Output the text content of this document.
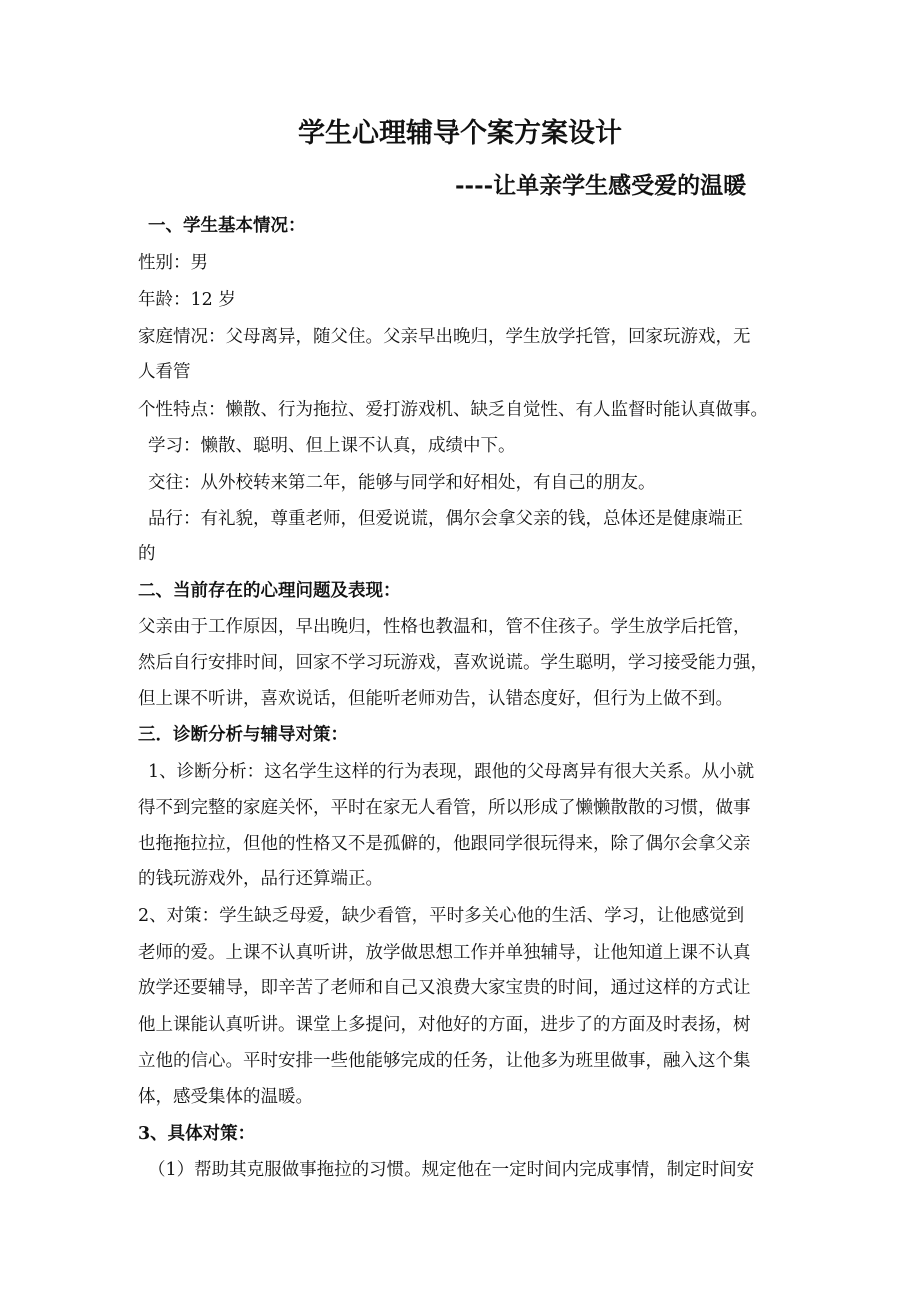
学生心理辅导个案方案设计
----让单亲学生感受爱的温暖
一、学生基本情况：
性别：男
年龄：12 岁
家庭情况：父母离异，随父住。父亲早出晚归，学生放学托管，回家玩游戏，无
人看管
个性特点：懒散、行为拖拉、爱打游戏机、缺乏自觉性、有人监督时能认真做事。
学习：懒散、聪明、但上课不认真，成绩中下。
交往：从外校转来第二年，能够与同学和好相处，有自己的朋友。
品行：有礼貌，尊重老师，但爱说谎，偶尔会拿父亲的钱，总体还是健康端正
的
二、当前存在的心理问题及表现：
父亲由于工作原因，早出晚归，性格也教温和，管不住孩子。学生放学后托管，
然后自行安排时间，回家不学习玩游戏，喜欢说谎。学生聪明，学习接受能力强，
但上课不听讲，喜欢说话，但能听老师劝告，认错态度好，但行为上做不到。
三．诊断分析与辅导对策：
1、诊断分析：这名学生这样的行为表现，跟他的父母离异有很大关系。从小就
得不到完整的家庭关怀，平时在家无人看管，所以形成了懒懒散散的习惯，做事
也拖拖拉拉，但他的性格又不是孤僻的，他跟同学很玩得来，除了偶尔会拿父亲
的钱玩游戏外，品行还算端正。
2、对策：学生缺乏母爱，缺少看管，平时多关心他的生活、学习，让他感觉到
老师的爱。上课不认真听讲，放学做思想工作并单独辅导，让他知道上课不认真
放学还要辅导，即辛苦了老师和自己又浪费大家宝贵的时间，通过这样的方式让
他上课能认真听讲。课堂上多提问，对他好的方面，进步了的方面及时表扬，树
立他的信心。平时安排一些他能够完成的任务，让他多为班里做事，融入这个集
体，感受集体的温暖。
3、具体对策：
（1）帮助其克服做事拖拉的习惯。规定他在一定时间内完成事情，制定时间安
